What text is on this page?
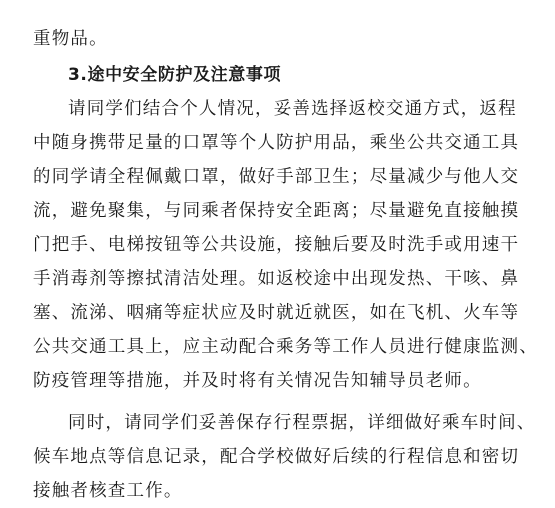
重物品。
3.途中安全防护及注意事项
请同学们结合个人情况，妥善选择返校交通方式，返程
中随身携带足量的口罩等个人防护用品，乘坐公共交通工具
的同学请全程佩戴口罩，做好手部卫生；尽量减少与他人交
流，避免聚集，与同乘者保持安全距离；尽量避免直接触摸
门把手、电梯按钮等公共设施，接触后要及时洗手或用速干
手消毒剂等擦拭清洁处理。如返校途中出现发热、干咳、鼻
塞、流涕、咽痛等症状应及时就近就医，如在飞机、火车等
公共交通工具上，应主动配合乘务等工作人员进行健康监测、
防疫管理等措施，并及时将有关情况告知辅导员老师。
同时，请同学们妥善保存行程票据，详细做好乘车时间、
候车地点等信息记录，配合学校做好后续的行程信息和密切
接触者核查工作。
